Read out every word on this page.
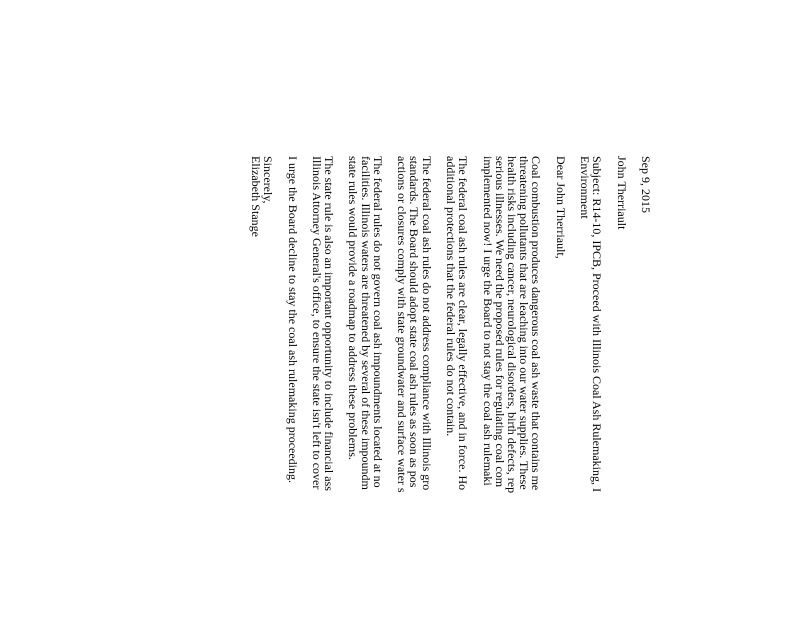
Sep 9, 2015
John Therriault
Subject: R14-10, IPCB, Proceed with Illinois Coal Ash Rulemaking, I
Environment
Dear John Therriault,
Coal combustion produces dangerous coal ash waste that contains me
threatening pollutants that are leaching into our water supplies. These
health risks including cancer, neurological disorders, birth defects, rep
serious illnesses. We need the proposed rules for regulating coal com
implemented now! I urge the Board to not stay the coal ash rulemaki
The federal coal ash rules are clear, legally effective, and in force. Ho
additional protections that the federal rules do not contain.
The federal coal ash rules do not address compliance with Illinois gro
standards. The Board should adopt state coal ash rules as soon as pos
actions or closures comply with state groundwater and surface water s
The federal rules do not govern coal ash impoundments located at no
facilities. Illinois waters are threatened by several of these impoundm
state rules would provide a roadmap to address these problems.
The state rule is also an important opportunity to include financial ass
Illinois Attorney General's office, to ensure the state isn't left to cover
I urge the Board decline to stay the coal ash rulemaking proceeding.
Sincerely,
Elizabeth Stange
